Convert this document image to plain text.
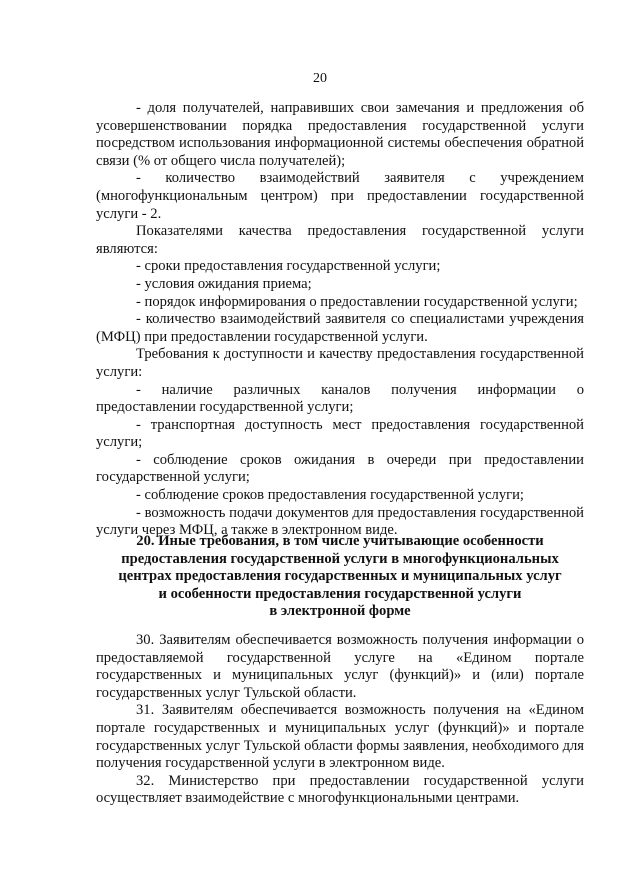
20

- доля получателей, направивших свои замечания и предложения об усовершенствовании порядка предоставления государственной услуги посредством использования информационной системы обеспечения обратной связи (% от общего числа получателей);

- количество взаимодействий заявителя с учреждением (многофункциональным центром) при предоставлении государственной услуги - 2.

Показателями качества предоставления государственной услуги являются:

- сроки предоставления государственной услуги;

- условия ожидания приема;

- порядок информирования о предоставлении государственной услуги;

- количество взаимодействий заявителя со специалистами учреждения (МФЦ) при предоставлении государственной услуги.

Требования к доступности и качеству предоставления государственной услуги:

- наличие различных каналов получения информации о предоставлении государственной услуги;

- транспортная доступность мест предоставления государственной услуги;

- соблюдение сроков ожидания в очереди при предоставлении государственной услуги;

- соблюдение сроков предоставления государственной услуги;

- возможность подачи документов для предоставления государственной услуги через МФЦ, а также в электронном виде.

20. Иные требования, в том числе учитывающие особенности
предоставления государственной услуги в многофункциональных
центрах предоставления государственных и муниципальных услуг
и особенности предоставления государственной услуги
в электронной форме

30. Заявителям обеспечивается возможность получения информации о предоставляемой государственной услуге на «Едином портале государственных и муниципальных услуг (функций)» и (или) портале государственных услуг Тульской области.

31. Заявителям обеспечивается возможность получения на «Едином портале государственных и муниципальных услуг (функций)» и портале государственных услуг Тульской области формы заявления, необходимого для получения государственной услуги в электронном виде.

32. Министерство при предоставлении государственной услуги осуществляет взаимодействие с многофункциональными центрами.
